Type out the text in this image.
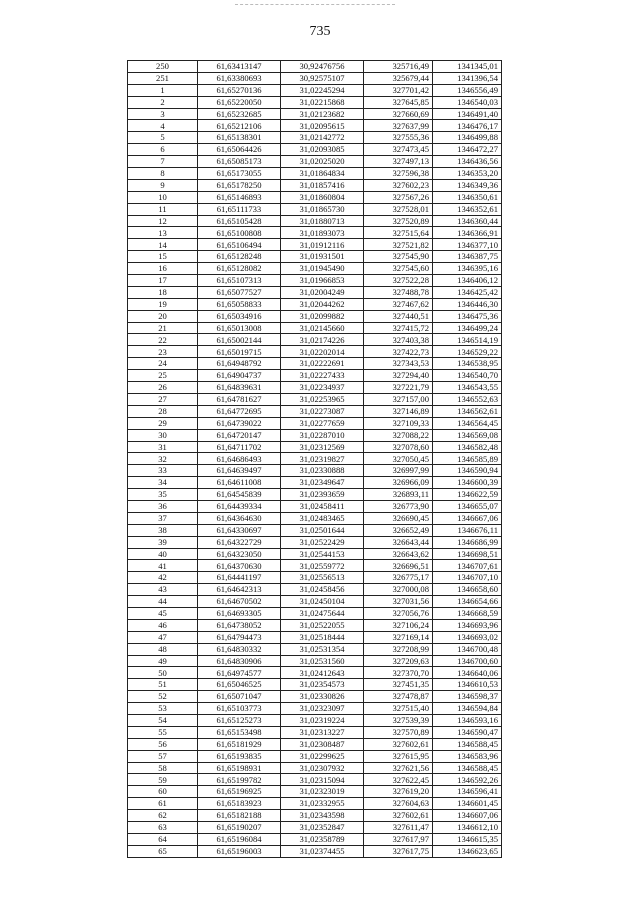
735
250	61,63413147	30,92476756	325716,49	1341345,01
251	61,63380693	30,92575107	325679,44	1341396,54
1	61,65270136	31,02245294	327701,42	1346556,49
2	61,65220050	31,02215868	327645,85	1346540,03
3	61,65232685	31,02123682	327660,69	1346491,40
4	61,65212106	31,02095615	327637,99	1346476,17
5	61,65138301	31,02142772	327555,36	1346499,88
6	61,65064426	31,02093085	327473,45	1346472,27
7	61,65085173	31,02025020	327497,13	1346436,56
8	61,65173055	31,01864834	327596,38	1346353,20
9	61,65178250	31,01857416	327602,23	1346349,36
10	61,65146893	31,01860804	327567,26	1346350,61
11	61,65111733	31,01865730	327528,01	1346352,61
12	61,65105428	31,01880713	327520,89	1346360,44
13	61,65100808	31,01893073	327515,64	1346366,91
14	61,65106494	31,01912116	327521,82	1346377,10
15	61,65128248	31,01931501	327545,90	1346387,75
16	61,65128082	31,01945490	327545,60	1346395,16
17	61,65107313	31,01966853	327522,28	1346406,12
18	61,65077527	31,02004249	327488,78	1346425,42
19	61,65058833	31,02044262	327467,62	1346446,30
20	61,65034916	31,02099882	327440,51	1346475,36
21	61,65013008	31,02145660	327415,72	1346499,24
22	61,65002144	31,02174226	327403,38	1346514,19
23	61,65019715	31,02202014	327422,73	1346529,22
24	61,64948792	31,02222691	327343,53	1346538,95
25	61,64904737	31,02227433	327294,40	1346540,70
26	61,64839631	31,02234937	327221,79	1346543,55
27	61,64781627	31,02253965	327157,00	1346552,63
28	61,64772695	31,02273087	327146,89	1346562,61
29	61,64739022	31,02277659	327109,33	1346564,45
30	61,64720147	31,02287010	327088,22	1346569,08
31	61,64711702	31,02312569	327078,60	1346582,48
32	61,64686493	31,02319827	327050,45	1346585,89
33	61,64639497	31,02330888	326997,99	1346590,94
34	61,64611008	31,02349647	326966,09	1346600,39
35	61,64545839	31,02393659	326893,11	1346622,59
36	61,64439334	31,02458411	326773,90	1346655,07
37	61,64364630	31,02483465	326690,45	1346667,06
38	61,64330697	31,02501644	326652,49	1346676,11
39	61,64322729	31,02522429	326643,44	1346686,99
40	61,64323050	31,02544153	326643,62	1346698,51
41	61,64370630	31,02559772	326696,51	1346707,61
42	61,64441197	31,02556513	326775,17	1346707,10
43	61,64642313	31,02458456	327000,08	1346658,60
44	61,64670502	31,02450104	327031,56	1346654,66
45	61,64693305	31,02475644	327056,76	1346668,59
46	61,64738052	31,02522055	327106,24	1346693,96
47	61,64794473	31,02518444	327169,14	1346693,02
48	61,64830332	31,02531354	327208,99	1346700,48
49	61,64830906	31,02531560	327209,63	1346700,60
50	61,64974577	31,02412643	327370,70	1346640,06
51	61,65046525	31,02354573	327451,35	1346610,53
52	61,65071047	31,02330826	327478,87	1346598,37
53	61,65103773	31,02323097	327515,40	1346594,84
54	61,65125273	31,02319224	327539,39	1346593,16
55	61,65153498	31,02313227	327570,89	1346590,47
56	61,65181929	31,02308487	327602,61	1346588,45
57	61,65193835	31,02299625	327615,95	1346583,96
58	61,65198931	31,02307932	327621,56	1346588,45
59	61,65199782	31,02315094	327622,45	1346592,26
60	61,65196925	31,02323019	327619,20	1346596,41
61	61,65183923	31,02332955	327604,63	1346601,45
62	61,65182188	31,02343598	327602,61	1346607,06
63	61,65190207	31,02352847	327611,47	1346612,10
64	61,65196084	31,02358789	327617,97	1346615,35
65	61,65196003	31,02374455	327617,75	1346623,65
